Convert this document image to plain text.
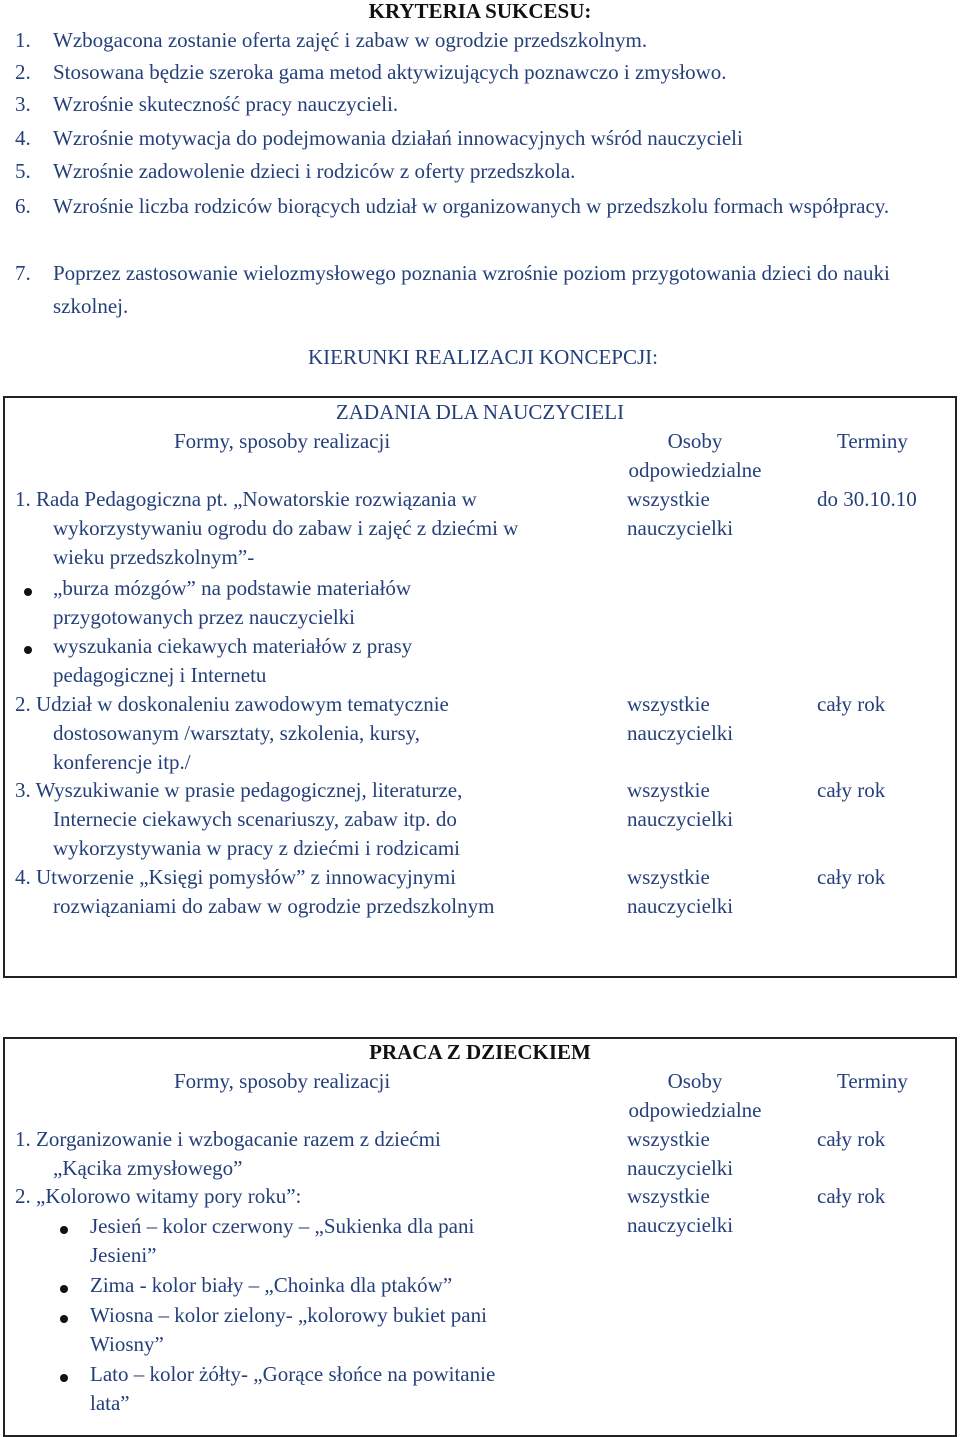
KRYTERIA SUKCESU:
1. Wzbogacona zostanie oferta zajęć i zabaw w ogrodzie przedszkolnym.
2. Stosowana będzie szeroka gama metod aktywizujących poznawczo i zmysłowo.
3. Wzrośnie skuteczność pracy nauczycieli.
4. Wzrośnie motywacja do podejmowania działań innowacyjnych wśród nauczycieli
5. Wzrośnie zadowolenie dzieci i rodziców z oferty przedszkola.
6. Wzrośnie liczba rodziców biorących udział w organizowanych w przedszkolu formach współpracy.
7. Poprzez zastosowanie wielozmysłowego poznania wzrośnie poziom przygotowania dzieci do nauki szkolnej.
KIERUNKI REALIZACJI KONCEPCJI:
ZADANIA DLA NAUCZYCIELI
Formy, sposoby realizacji	Osoby
odpowiedzialne
Terminy
1. Rada Pedagogiczna pt. „Nowatorskie rozwiązania w
wykorzystywaniu ogrodu do zabaw i zajęć z dziećmi w
wieku przedszkolnym”-
„burza mózgów” na podstawie materiałów
przygotowanych przez nauczycielki
wyszukania ciekawych materiałów z prasy
pedagogicznej i Internetu
wszystkie
nauczycielki
do 30.10.10
2. Udział w doskonaleniu zawodowym tematycznie
dostosowanym /warsztaty, szkolenia, kursy,
konferencje itp./
wszystkie
nauczycielki
cały rok
3. Wyszukiwanie w prasie pedagogicznej, literaturze,
Internecie ciekawych scenariuszy, zabaw itp. do
wykorzystywania w pracy z dziećmi i rodzicami
wszystkie
nauczycielki
cały rok
4. Utworzenie „Księgi pomysłów” z innowacyjnymi
rozwiązaniami do zabaw w ogrodzie przedszkolnym
wszystkie
nauczycielki
cały rok
PRACA Z DZIECKIEM
Formy, sposoby realizacji	Osoby
odpowiedzialne
Terminy
1. Zorganizowanie i wzbogacanie razem z dziećmi
„Kącika zmysłowego”
wszystkie
nauczycielki
cały rok
2. „Kolorowo witamy pory roku”:
Jesień – kolor czerwony – „Sukienka dla pani
Jesieni”
Zima - kolor biały – „Choinka dla ptaków”
Wiosna – kolor zielony- „kolorowy bukiet pani
Wiosny”
Lato – kolor żółty- „Gorące słońce na powitanie
lata”
wszystkie
nauczycielki
cały rok
